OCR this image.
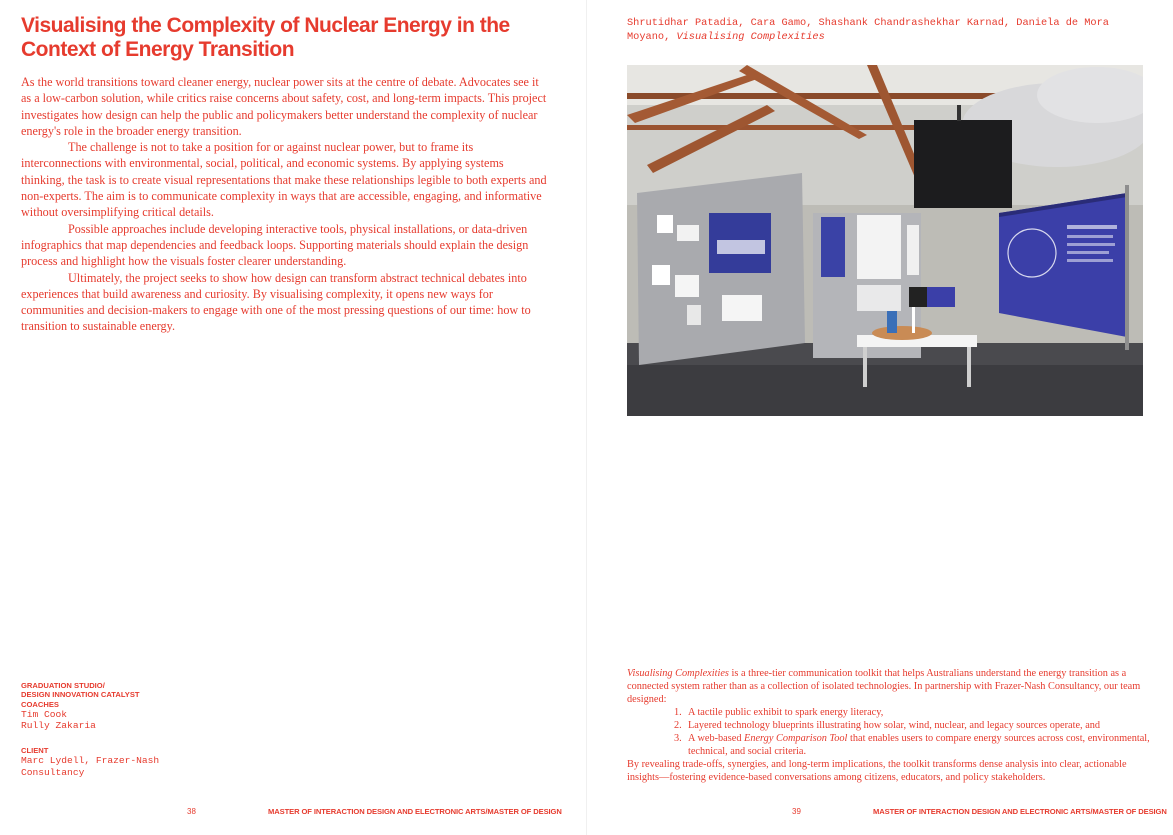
Visualising the Complexity of Nuclear Energy in the Context of Energy Transition

As the world transitions toward cleaner energy, nuclear power sits at the centre of debate. Advocates see it as a low-carbon solution, while critics raise concerns about safety, cost, and long-term impacts. This project investigates how design can help the public and policymakers better understand the complexity of nuclear energy's role in the broader energy transition.

The challenge is not to take a position for or against nuclear power, but to frame its interconnections with environmental, social, political, and economic systems. By applying systems thinking, the task is to create visual representations that make these relationships legible to both experts and non-experts. The aim is to communicate complexity in ways that are accessible, engaging, and informative without oversimplifying critical details.

Possible approaches include developing interactive tools, physical installations, or data-driven infographics that map dependencies and feedback loops. Supporting materials should explain the design process and highlight how the visuals foster clearer understanding.

Ultimately, the project seeks to show how design can transform abstract technical debates into experiences that build awareness and curiosity. By visualising complexity, it opens new ways for communities and decision-makers to engage with one of the most pressing questions of our time: how to transition to sustainable energy.

GRADUATION STUDIO/
DESIGN INNOVATION CATALYST
COACHES
Tim Cook
Rully Zakaria
CLIENT
Marc Lydell, Frazer-Nash
Consultancy
38	MASTER OF INTERACTION DESIGN AND ELECTRONIC ARTS/MASTER OF DESIGN
Shrutidhar Patadia, Cara Gamo, Shashank Chandrashekhar Karnad, Daniela de Mora Moyano, Visualising Complexities

Visualising Complexities is a three-tier communication toolkit that helps Australians understand the energy transition as a connected system rather than as a collection of isolated technologies. In partnership with Frazer-Nash Consultancy, our team designed:

1. A tactile public exhibit to spark energy literacy,
2. Layered technology blueprints illustrating how solar, wind, nuclear, and legacy sources operate, and
3. A web-based Energy Comparison Tool that enables users to compare energy sources across cost, environmental, technical, and social criteria.

By revealing trade-offs, synergies, and long-term implications, the toolkit transforms dense analysis into clear, actionable insights—fostering evidence-based conversations among citizens, educators, and policy stakeholders.

39	MASTER OF INTERACTION DESIGN AND ELECTRONIC ARTS/MASTER OF DESIGN
